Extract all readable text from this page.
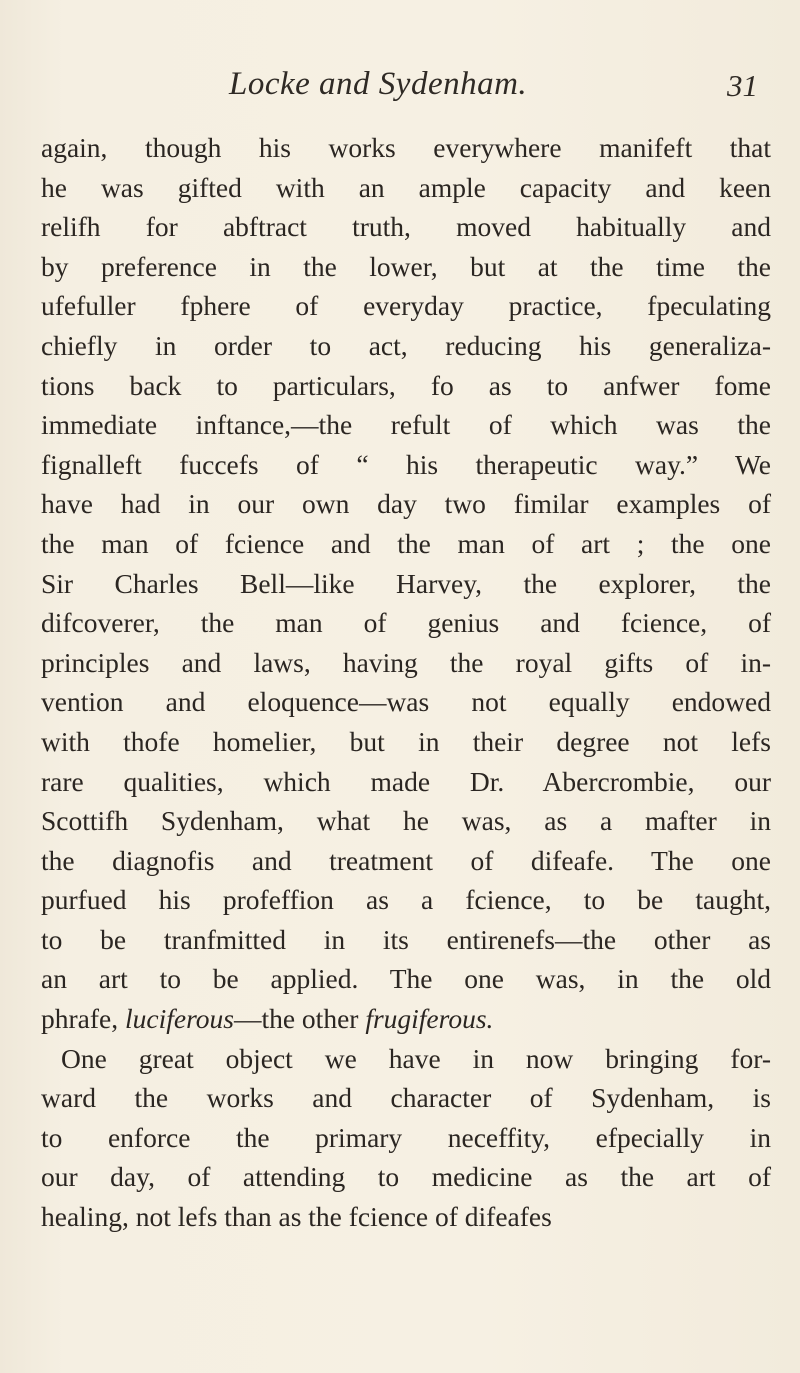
Locke and Sydenham.	31
again, though his works everywhere manifeft that
he was gifted with an ample capacity and keen
relifh for abftract truth, moved habitually and
by preference in the lower, but at the time the
ufefuller fphere of everyday practice, fpeculating
chiefly in order to act, reducing his generaliza-
tions back to particulars, fo as to anfwer fome
immediate inftance,—the refult of which was the
fignalleft fuccefs of “ his therapeutic way.” We
have had in our own day two fimilar examples of
the man of fcience and the man of art ; the one
Sir Charles Bell—like Harvey, the explorer, the
difcoverer, the man of genius and fcience, of
principles and laws, having the royal gifts of in-
vention and eloquence—was not equally endowed
with thofe homelier, but in their degree not lefs
rare qualities, which made Dr. Abercrombie, our
Scottifh Sydenham, what he was, as a mafter in
the diagnofis and treatment of difeafe. The one
purfued his profeffion as a fcience, to be taught,
to be tranfmitted in its entirenefs—the other as
an art to be applied. The one was, in the old
phrafe, luciferous—the other frugiferous.
One great object we have in now bringing for-
ward the works and character of Sydenham, is
to enforce the primary neceffity, efpecially in
our day, of attending to medicine as the art of
healing, not lefs than as the fcience of difeafes
